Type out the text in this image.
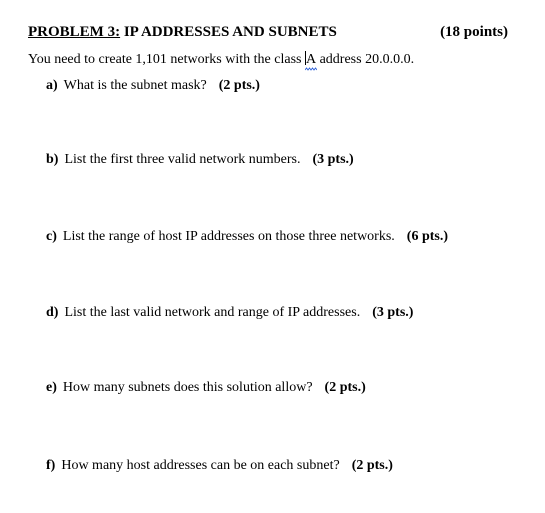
PROBLEM 3: IP ADDRESSES AND SUBNETS	(18 points)
You need to create 1,101 networks with the class A
address 20.0.0.0.
a) What is the subnet mask? (2 pts.)
b) List the first three valid network numbers. (3 pts.)
c) List the range of host IP addresses on those three networks. (6 pts.)
d) List the last valid network and range of IP addresses. (3 pts.)
e) How many subnets does this solution allow? (2 pts.)
f) How many host addresses can be on each subnet? (2 pts.)
